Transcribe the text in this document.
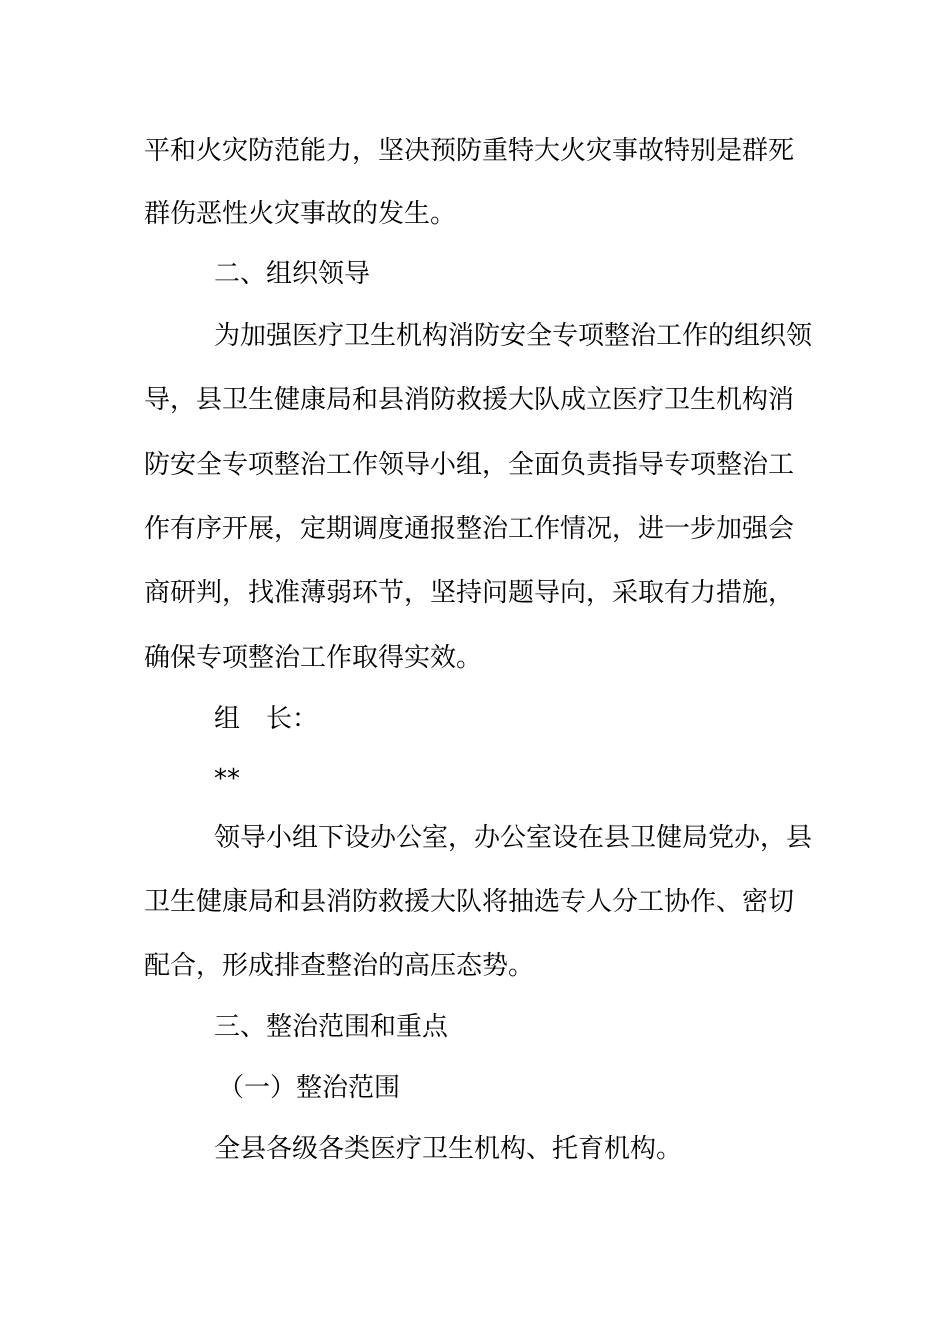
平和火灾防范能力，坚决预防重特大火灾事故特别是群死
群伤恶性火灾事故的发生。
二、组织领导
为加强医疗卫生机构消防安全专项整治工作的组织领
导，县卫生健康局和县消防救援大队成立医疗卫生机构消
防安全专项整治工作领导小组，全面负责指导专项整治工
作有序开展，定期调度通报整治工作情况，进一步加强会
商研判，找准薄弱环节，坚持问题导向，采取有力措施，
确保专项整治工作取得实效。
组　长：
**
领导小组下设办公室，办公室设在县卫健局党办，县
卫生健康局和县消防救援大队将抽选专人分工协作、密切
配合，形成排查整治的高压态势。
三、整治范围和重点
（一）整治范围
全县各级各类医疗卫生机构、托育机构。
